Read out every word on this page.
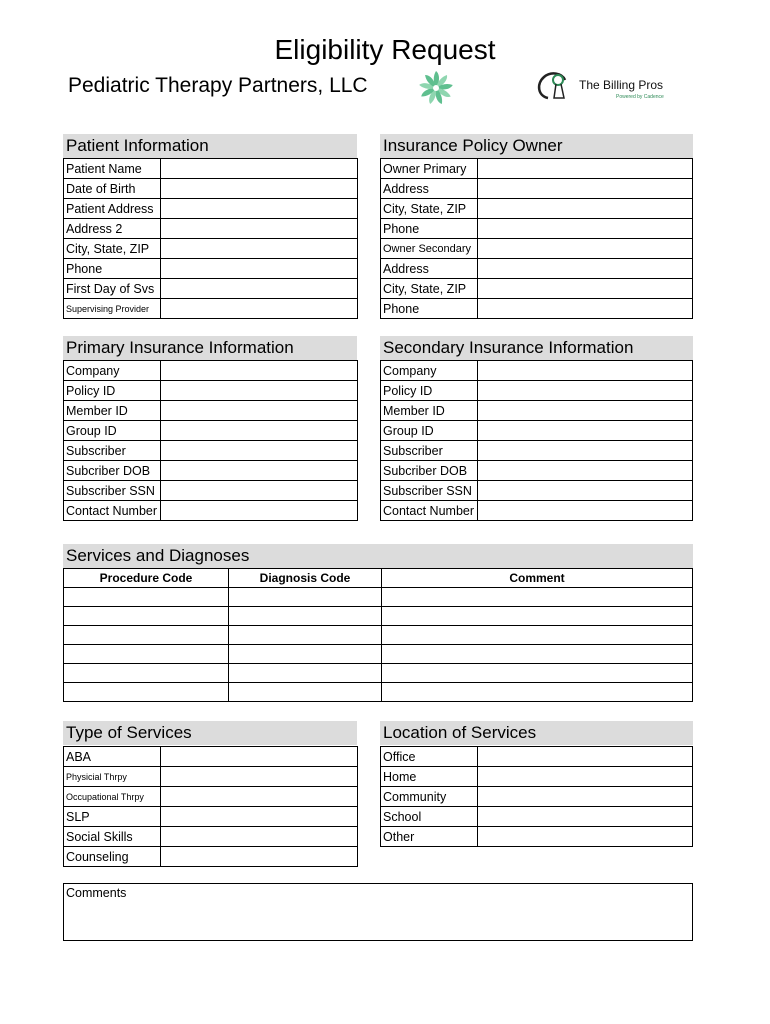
Eligibility Request
Pediatric Therapy Partners, LLC	The Billing Pros
Powered by Cadence
Patient Information
Patient Name	
Date of Birth	
Patient Address	
Address 2	
City, State, ZIP	
Phone	
First Day of Svs	
Supervising Provider	
Insurance Policy Owner
Owner Primary	
Address	
City, State, ZIP	
Phone	
Owner Secondary	
Address	
City, State, ZIP	
Phone	
Primary Insurance Information
Company	
Policy ID	
Member ID	
Group ID	
Subscriber	
Subcriber DOB	
Subscriber SSN	
Contact Number	
Secondary Insurance Information
Company	
Policy ID	
Member ID	
Group ID	
Subscriber	
Subcriber DOB	
Subscriber SSN	
Contact Number	
Services and Diagnoses
Procedure Code	Diagnosis Code	Comment

Type of Services
ABA	
Physicial Thrpy	
Occupational Thrpy	
SLP	
Social Skills	
Counseling	
Location of Services
Office	
Home	
Community	
School	
Other	
Comments
